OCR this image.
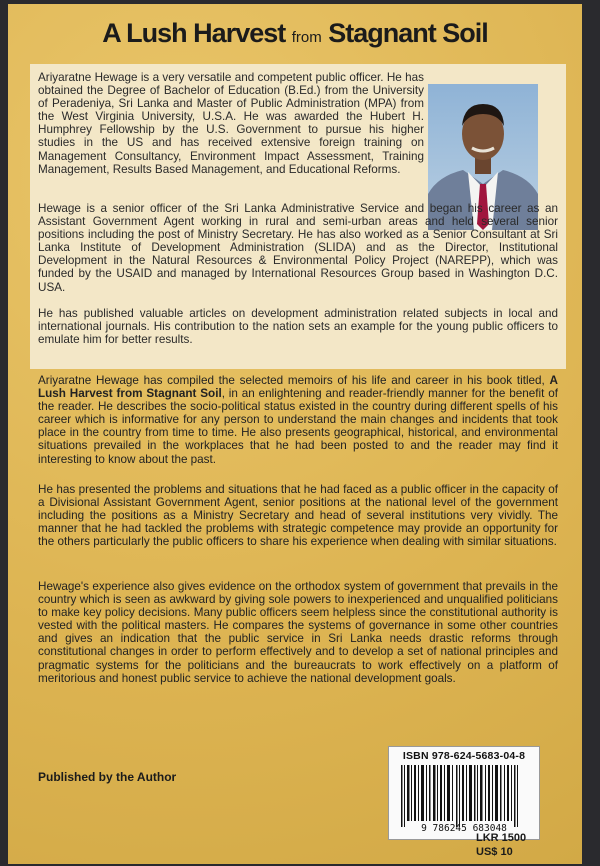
A Lush Harvest from Stagnant Soil

Ariyaratne Hewage is a very versatile and competent public officer. He has obtained the Degree of Bachelor of Education (B.Ed.) from the University of Peradeniya, Sri Lanka and Master of Public Administration (MPA) from the West Virginia University, U.S.A. He was awarded the Hubert H. Humphrey Fellowship by the U.S. Government to pursue his higher studies in the US and has received extensive foreign training on Management Consultancy, Environment Impact Assessment, Training Management, Results Based Management, and Educational Reforms.

Hewage is a senior officer of the Sri Lanka Administrative Service and began his career as an Assistant Government Agent working in rural and semi-urban areas and held several senior positions including the post of Ministry Secretary. He has also worked as a Senior Consultant at Sri Lanka Institute of Development Administration (SLIDA) and as the Director, Institutional Development in the Natural Resources & Environmental Policy Project (NAREPP), which was funded by the USAID and managed by International Resources Group based in Washington D.C. USA.

He has published valuable articles on development administration related subjects in local and international journals. His contribution to the nation sets an example for the young public officers to emulate him for better results.

Ariyaratne Hewage has compiled the selected memoirs of his life and career in his book titled, A Lush Harvest from Stagnant Soil, in an enlightening and reader-friendly manner for the benefit of the reader. He describes the socio-political status existed in the country during different spells of his career which is informative for any person to understand the main changes and incidents that took place in the country from time to time. He also presents geographical, historical, and environmental situations prevailed in the workplaces that he had been posted to and the reader may find it interesting to know about the past.

He has presented the problems and situations that he had faced as a public officer in the capacity of a Divisional Assistant Government Agent, senior positions at the national level of the government including the positions as a Ministry Secretary and head of several institutions very vividly. The manner that he had tackled the problems with strategic competence may provide an opportunity for the others particularly the public officers to share his experience when dealing with similar situations.

Hewage's experience also gives evidence on the orthodox system of government that prevails in the country which is seen as awkward by giving sole powers to inexperienced and unqualified politicians to make key policy decisions. Many public officers seem helpless since the constitutional authority is vested with the political masters. He compares the systems of governance in some other countries and gives an indication that the public service in Sri Lanka needs drastic reforms through constitutional changes in order to perform effectively and to develop a set of national principles and pragmatic systems for the politicians and the bureaucrats to work effectively on a platform of meritorious and honest public service to achieve the national development goals.

Published by the Author
ISBN 978-624-5683-04-8
9 786245 683048
LKR 1500
US$ 10
